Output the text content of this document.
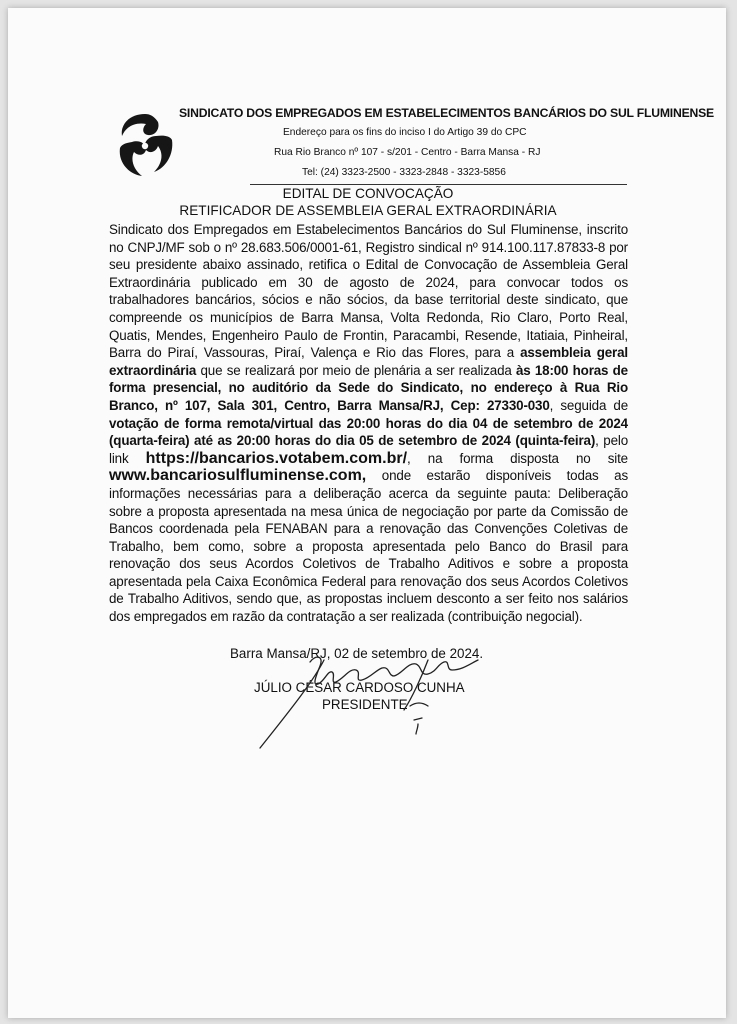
SINDICATO DOS EMPREGADOS EM ESTABELECIMENTOS BANCÁRIOS DO SUL FLUMINENSE
Endereço para os fins do inciso I do Artigo 39 do CPC
Rua Rio Branco nº 107 - s/201 - Centro - Barra Mansa - RJ
Tel: (24) 3323-2500 - 3323-2848 - 3323-5856
EDITAL DE CONVOCAÇÃO
RETIFICADOR DE ASSEMBLEIA GERAL EXTRAORDINÁRIA
Sindicato dos Empregados em Estabelecimentos Bancários do Sul Fluminense, inscrito no CNPJ/MF sob o nº 28.683.506/0001-61, Registro sindical nº 914.100.117.87833-8 por seu presidente abaixo assinado, retifica o Edital de Convocação de Assembleia Geral Extraordinária publicado em 30 de agosto de 2024, para convocar todos os trabalhadores bancários, sócios e não sócios, da base territorial deste sindicato, que compreende os municípios de Barra Mansa, Volta Redonda, Rio Claro, Porto Real, Quatis, Mendes, Engenheiro Paulo de Frontin, Paracambi, Resende, Itatiaia, Pinheiral, Barra do Piraí, Vassouras, Piraí, Valença e Rio das Flores, para a assembleia geral extraordinária que se realizará por meio de plenária a ser realizada às 18:00 horas de forma presencial, no auditório da Sede do Sindicato, no endereço à Rua Rio Branco, nº 107, Sala 301, Centro, Barra Mansa/RJ, Cep: 27330-030, seguida de votação de forma remota/virtual das 20:00 horas do dia 04 de setembro de 2024 (quarta-feira) até as 20:00 horas do dia 05 de setembro de 2024 (quinta-feira), pelo link https://bancarios.votabem.com.br/, na forma disposta no site www.bancariosulfluminense.com, onde estarão disponíveis todas as informações necessárias para a deliberação acerca da seguinte pauta: Deliberação sobre a proposta apresentada na mesa única de negociação por parte da Comissão de Bancos coordenada pela FENABAN para a renovação das Convenções Coletivas de Trabalho, bem como, sobre a proposta apresentada pelo Banco do Brasil para renovação dos seus Acordos Coletivos de Trabalho Aditivos e sobre a proposta apresentada pela Caixa Econômica Federal para renovação dos seus Acordos Coletivos de Trabalho Aditivos, sendo que, as propostas incluem desconto a ser feito nos salários dos empregados em razão da contratação a ser realizada (contribuição negocial).
Barra Mansa/RJ, 02 de setembro de 2024.
JÚLIO CÉSAR CARDOSO CUNHA
PRESIDENTE
